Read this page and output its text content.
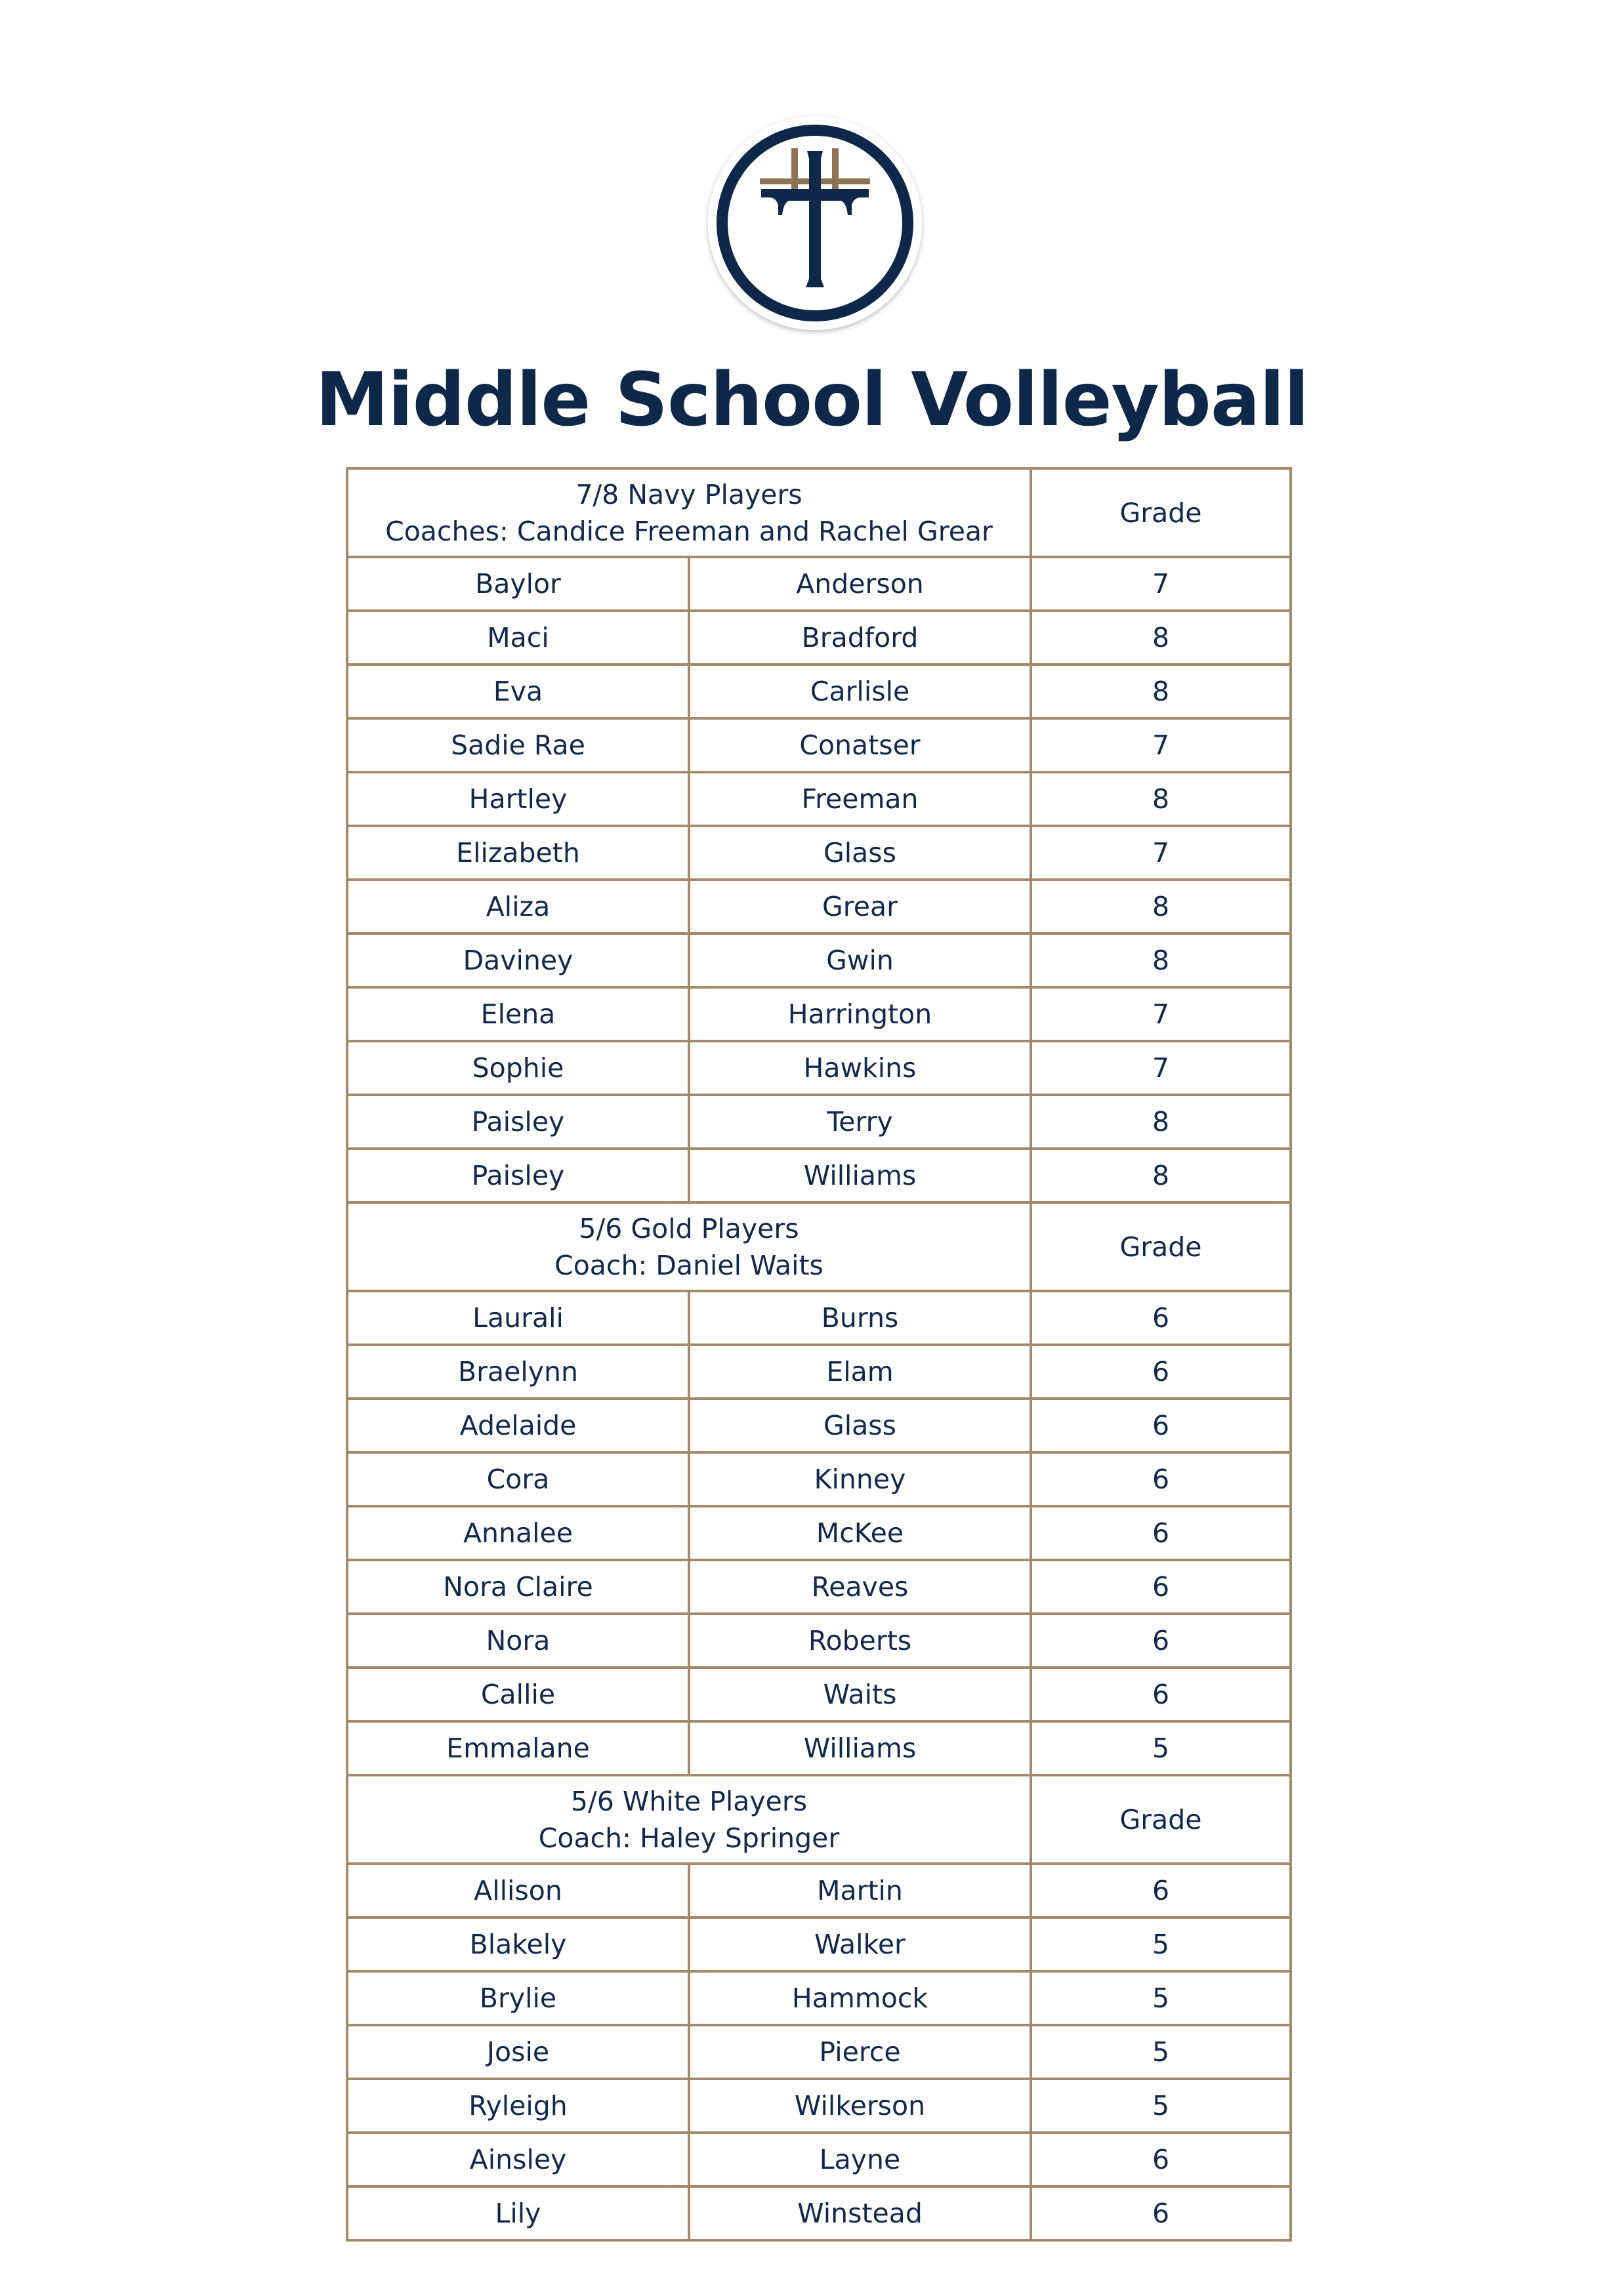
Middle School Volleyball
7/8 Navy Players
Coaches: Candice Freeman and Rachel Grear		Grade
Baylor	Anderson	7
Maci	Bradford	8
Eva	Carlisle	8
Sadie Rae	Conatser	7
Hartley	Freeman	8
Elizabeth	Glass	7
Aliza	Grear	8
Daviney	Gwin	8
Elena	Harrington	7
Sophie	Hawkins	7
Paisley	Terry	8
Paisley	Williams	8

5/6 Gold Players
Coach: Daniel Waits		Grade
Laurali	Burns	6
Braelynn	Elam	6
Adelaide	Glass	6
Cora	Kinney	6
Annalee	McKee	6
Nora Claire	Reaves	6
Nora	Roberts	6
Callie	Waits	6
Emmalane	Williams	5

5/6 White Players
Coach: Haley Springer		Grade
Allison	Martin	6
Blakely	Walker	5
Brylie	Hammock	5
Josie	Pierce	5
Ryleigh	Wilkerson	5
Ainsley	Layne	6
Lily	Winstead	6
